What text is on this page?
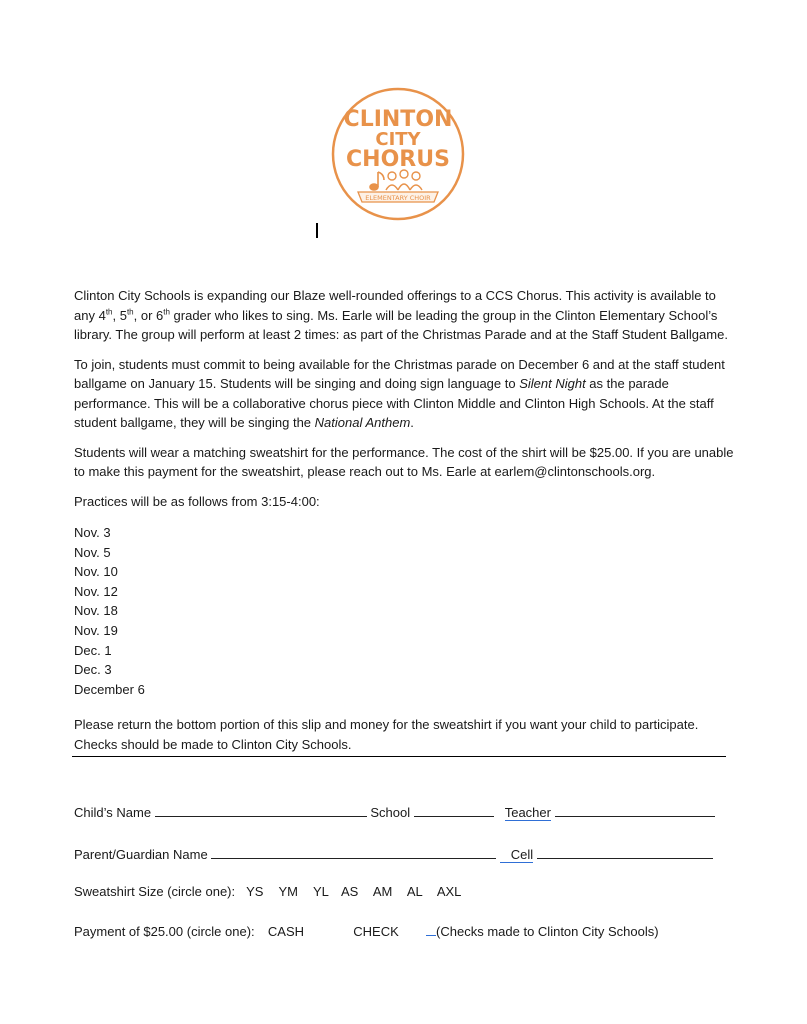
CLINTON
CITY
CHORUS
ELEMENTARY CHOIR

Clinton City Schools is expanding our Blaze well-rounded offerings to a CCS Chorus. This activity is available to any 4th, 5th, or 6th grader who likes to sing. Ms. Earle will be leading the group in the Clinton Elementary School’s library. The group will perform at least 2 times: as part of the Christmas Parade and at the Staff Student Ballgame.

To join, students must commit to being available for the Christmas parade on December 6 and at the staff student ballgame on January 15. Students will be singing and doing sign language to Silent Night as the parade performance. This will be a collaborative chorus piece with Clinton Middle and Clinton High Schools. At the staff student ballgame, they will be singing the National Anthem.

Students will wear a matching sweatshirt for the performance. The cost of the shirt will be $25.00. If you are unable to make this payment for the sweatshirt, please reach out to Ms. Earle at earlem@clintonschools.org.

Practices will be as follows from 3:15-4:00:

Nov. 3
Nov. 5
Nov. 10
Nov. 12
Nov. 18
Nov. 19
Dec. 1
Dec. 3
December 6

Please return the bottom portion of this slip and money for the sweatshirt if you want your child to participate. Checks should be made to Clinton City Schools.

Child’s Name	School	Teacher
Parent/Guardian Name	Cell
Sweatshirt Size (circle one): YS YM YL AS AM AL AXL
Payment of $25.00 (circle one): CASH	CHECK	(Checks made to Clinton City Schools)
